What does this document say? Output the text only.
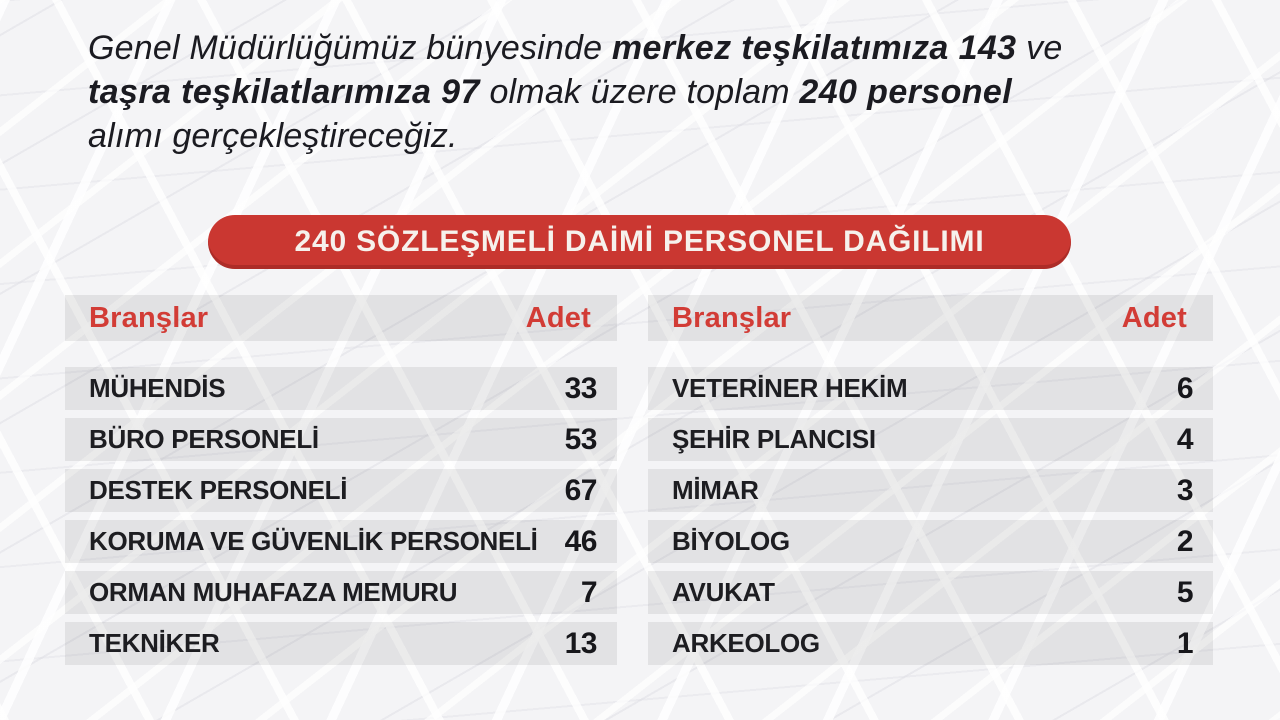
Genel Müdürlüğümüz bünyesinde merkez teşkilatımıza 143 ve
taşra teşkilatlarımıza 97 olmak üzere toplam 240 personel
alımı gerçekleştireceğiz.
240 SÖZLEŞMELİ DAİMİ PERSONEL DAĞILIMI
Branşlar	Adet
MÜHENDİS	33
BÜRO PERSONELİ	53
DESTEK PERSONELİ	67
KORUMA VE GÜVENLİK PERSONELİ 46
ORMAN MUHAFAZA MEMURU	7
TEKNİKER	13
Branşlar	Adet
VETERİNER HEKİM	6
ŞEHİR PLANCISI	4
MİMAR	3
BİYOLOG	2
AVUKAT	5
ARKEOLOG	1
